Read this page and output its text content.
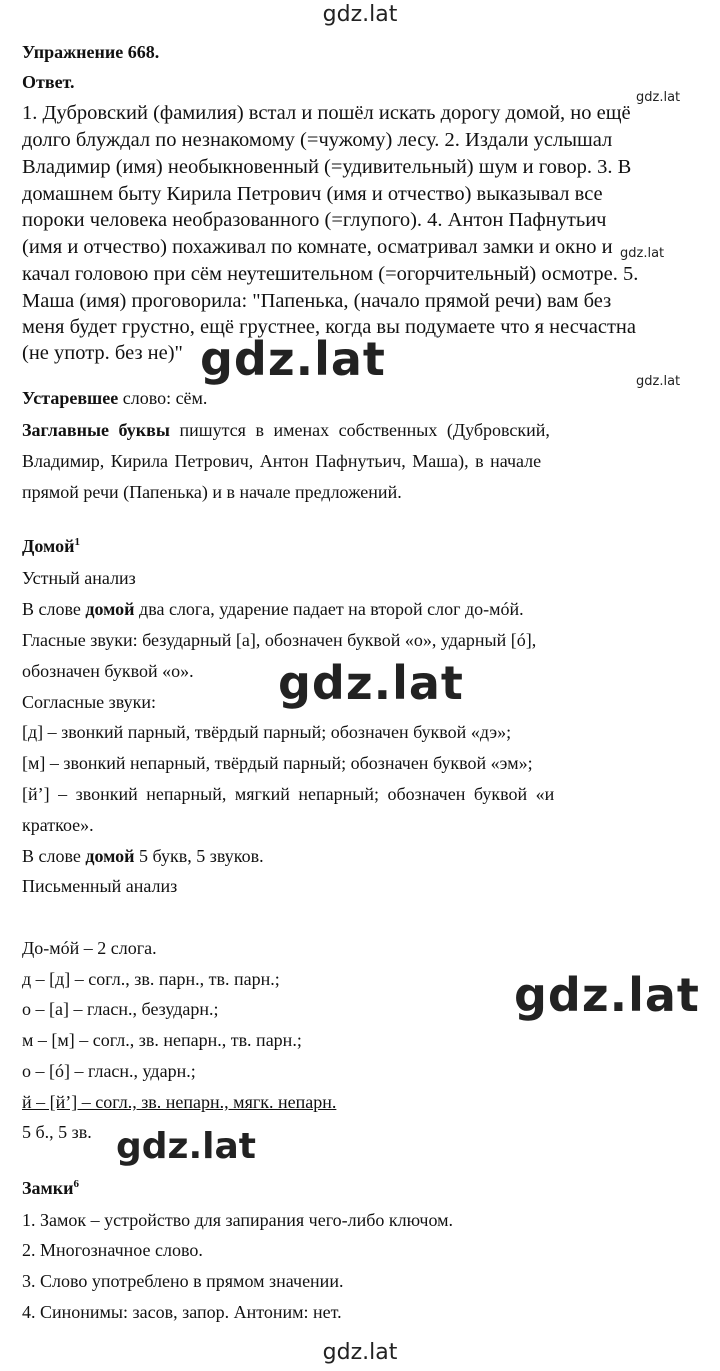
gdz.lat
gdz.lat
gdz.lat
gdz.lat
gdz.lat
gdz.lat
gdz.lat
gdz.lat
gdz.lat
Упражнение 668.
Ответ.
1. Дубровский (фамилия) встал и пошёл искать дорогу домой, но ещё
долго блуждал по незнакомому (=чужому) лесу. 2. Издали услышал
Владимир (имя) необыкновенный (=удивительный) шум и говор. 3. В
домашнем быту Кирила Петрович (имя и отчество) выказывал все
пороки человека необразованного (=глупого). 4. Антон Пафнутьич
(имя и отчество) похаживал по комнате, осматривал замки и окно и
качал головою при сём неутешительном (=огорчительный) осмотре. 5.
Маша (имя) проговорила: "Папенька, (начало прямой речи) вам без
меня будет грустно, ещё грустнее, когда вы подумаете что я несчастна
(не употр. без не)"
Устаревшее слово: сём.
Заглавные буквы пишутся в именах собственных (Дубровский,
Владимир, Кирила Петрович, Антон Пафнутьич, Маша), в начале
прямой речи (Папенька) и в начале предложений.
Домой$^1$
Устный анализ
В слове домой два слога, ударение падает на второй слог до-мóй.
Гласные звуки: безударный [а], обозначен буквой «о», ударный [ó],
обозначен буквой «о».
Согласные звуки:
[д] – звонкий парный, твёрдый парный; обозначен буквой «дэ»;
[м] – звонкий непарный, твёрдый парный; обозначен буквой «эм»;
[й’] – звонкий непарный, мягкий непарный; обозначен буквой «и
краткое».
В слове домой 5 букв, 5 звуков.
Письменный анализ
До-мóй – 2 слога.
д – [д] – согл., зв. парн., тв. парн.;
о – [а] – гласн., безударн.;
м – [м] – согл., зв. непарн., тв. парн.;
о – [ó] – гласн., ударн.;
й – [й’] – согл., зв. непарн., мягк. непарн.
5 б., 5 зв.
Замки$^6$
1. Замок – устройство для запирания чего-либо ключом.
2. Многозначное слово.
3. Слово употреблено в прямом значении.
4. Синонимы: засов, запор. Антоним: нет.
